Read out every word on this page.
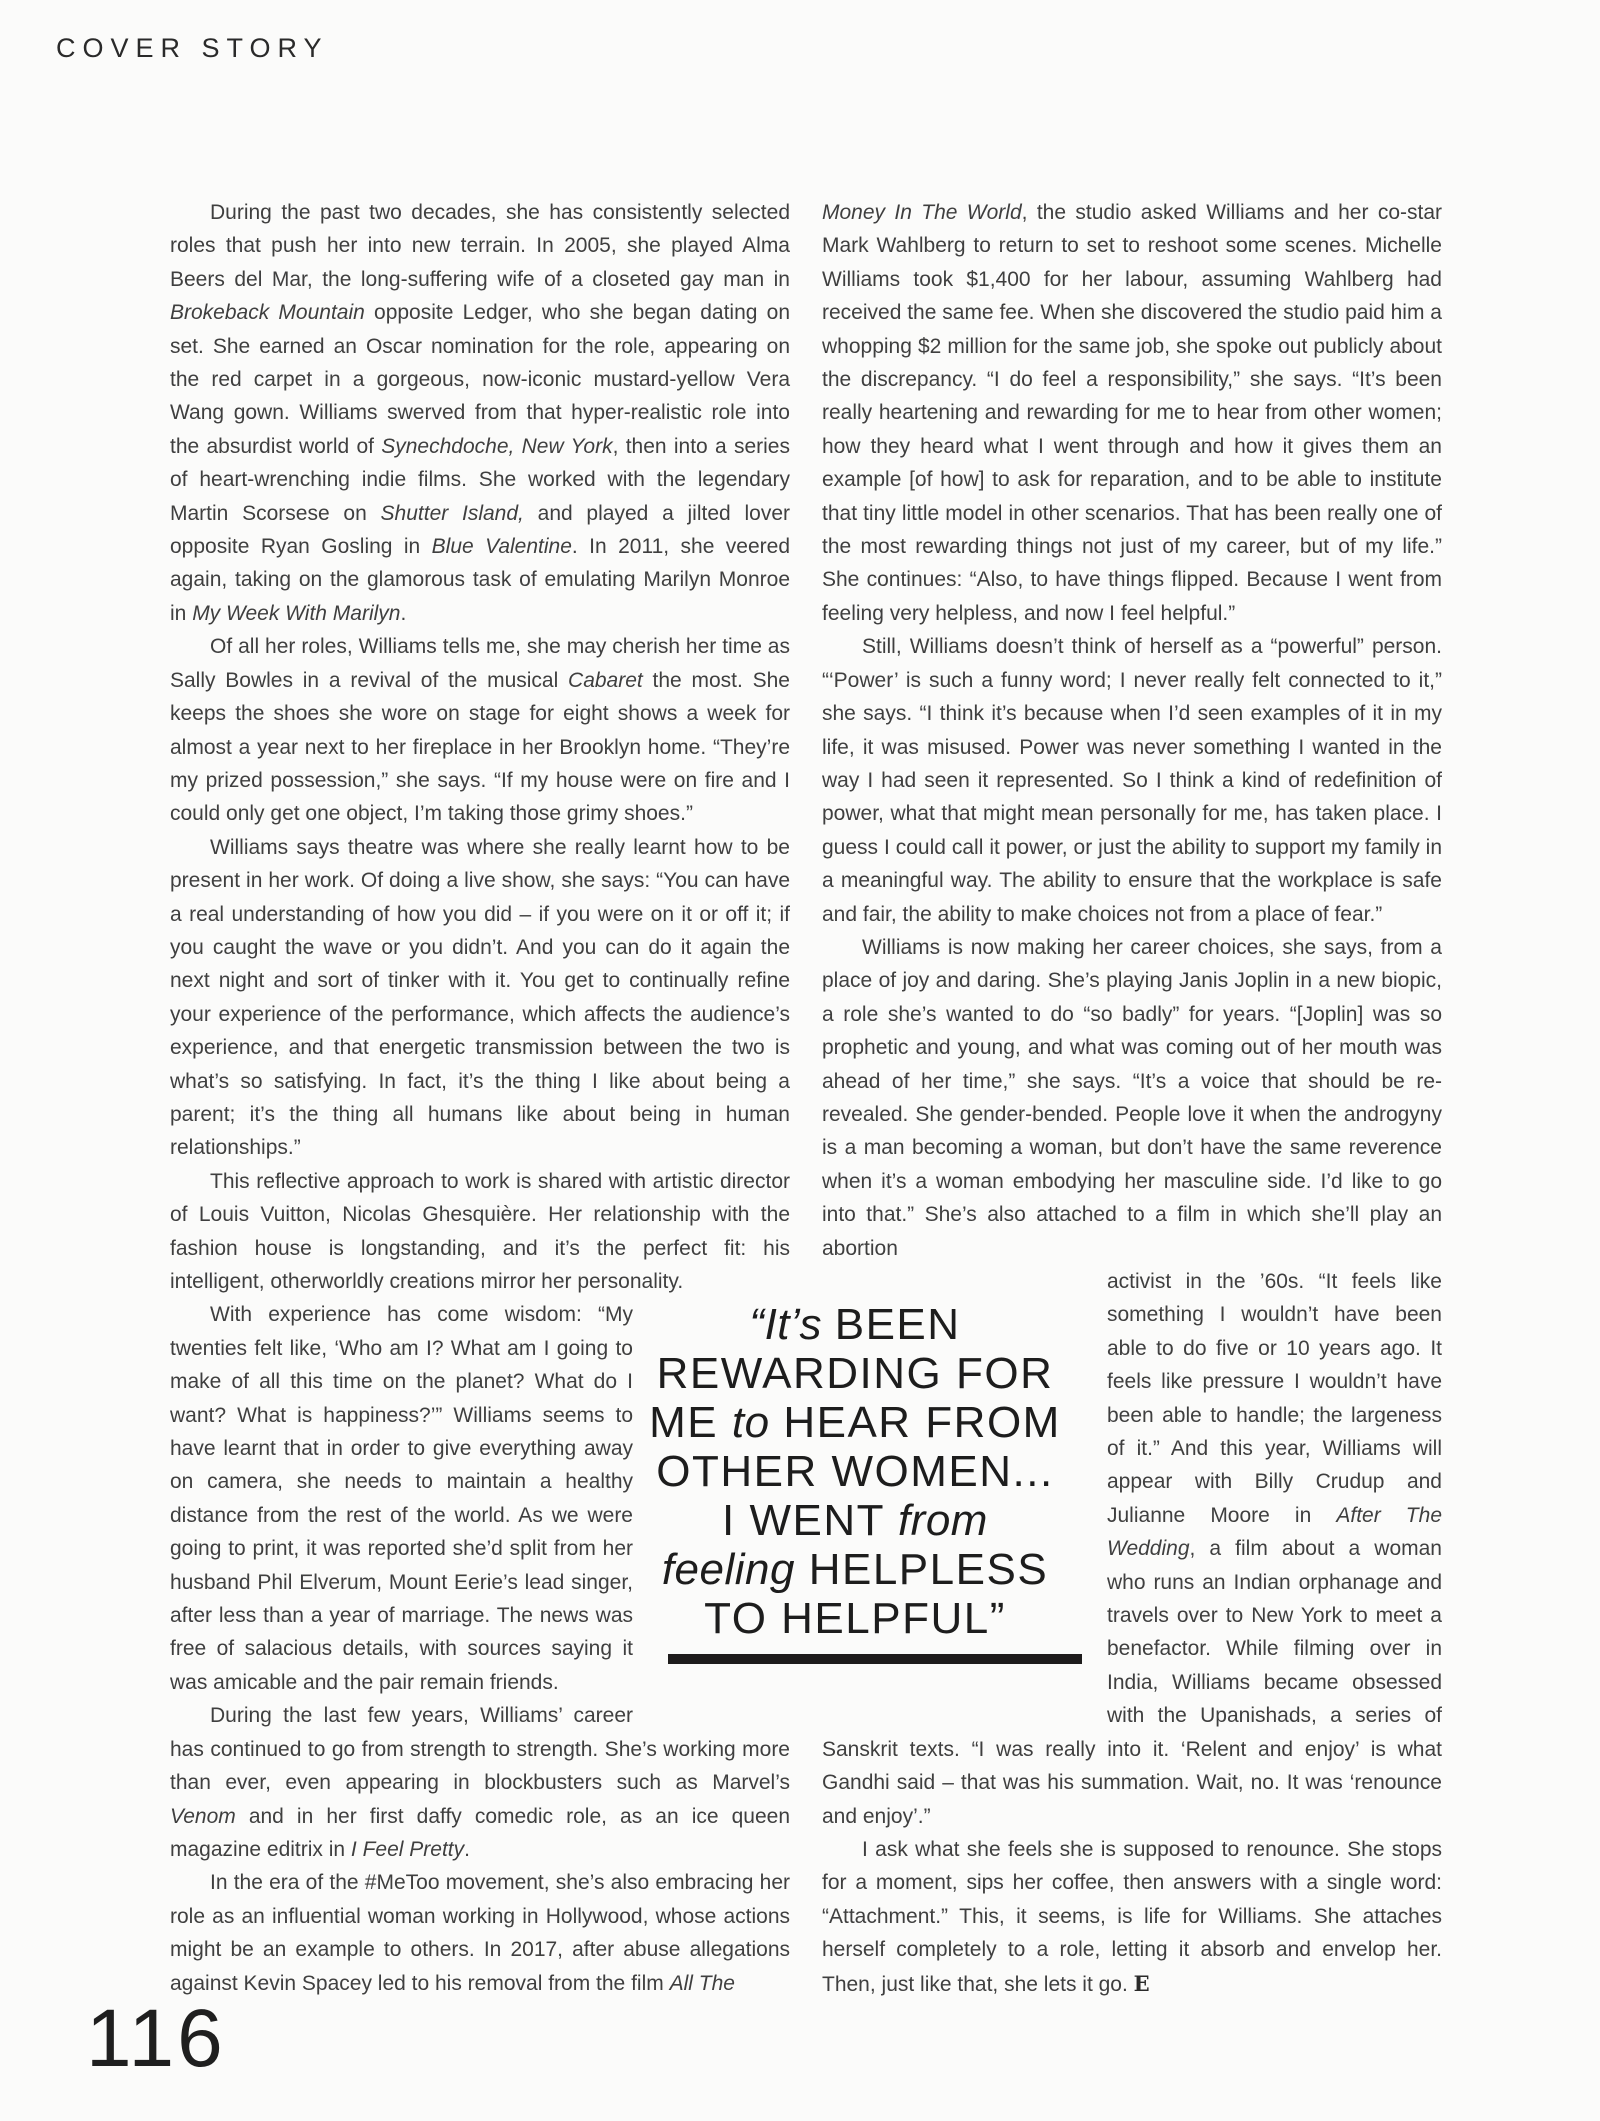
COVER STORY

During the past two decades, she has consistently selected roles that push her into new terrain. In 2005, she played Alma Beers del Mar, the long-suffering wife of a closeted gay man in Brokeback Mountain opposite Ledger, who she began dating on set. She earned an Oscar nomination for the role, appearing on the red carpet in a gorgeous, now-iconic mustard-yellow Vera Wang gown. Williams swerved from that hyper-realistic role into the absurdist world of Synechdoche, New York, then into a series of heart-wrenching indie films. She worked with the legendary Martin Scorsese on Shutter Island, and played a jilted lover opposite Ryan Gosling in Blue Valentine. In 2011, she veered again, taking on the glamorous task of emulating Marilyn Monroe in My Week With Marilyn.

Of all her roles, Williams tells me, she may cherish her time as Sally Bowles in a revival of the musical Cabaret the most. She keeps the shoes she wore on stage for eight shows a week for almost a year next to her fireplace in her Brooklyn home. “They’re my prized possession,” she says. “If my house were on fire and I could only get one object, I’m taking those grimy shoes.”

Williams says theatre was where she really learnt how to be present in her work. Of doing a live show, she says: “You can have a real understanding of how you did – if you were on it or off it; if you caught the wave or you didn’t. And you can do it again the next night and sort of tinker with it. You get to continually refine your experience of the performance, which affects the audience’s experience, and that energetic transmission between the two is what’s so satisfying. In fact, it’s the thing I like about being a parent; it’s the thing all humans like about being in human relationships.”

This reflective approach to work is shared with artistic director of Louis Vuitton, Nicolas Ghesquière. Her relationship with the fashion house is longstanding, and it’s the perfect fit: his intelligent, otherworldly creations mirror her personality.

With experience has come wisdom: “My twenties felt like, ‘Who am I? What am I going to make of all this time on the planet? What do I want? What is happiness?’” Williams seems to have learnt that in order to give everything away on camera, she needs to maintain a healthy distance from the rest of the world. As we were going to print, it was reported she’d split from her husband Phil Elverum, Mount Eerie’s lead singer, after less than a year of marriage. The news was free of salacious details, with sources saying it was amicable and the pair remain friends.

During the last few years, Williams’ career has continued to go from strength to strength. She’s working more than ever, even appearing in blockbusters such as Marvel’s Venom and in her first daffy comedic role, as an ice queen magazine editrix in I Feel Pretty.

In the era of the #MeToo movement, she’s also embracing her role as an influential woman working in Hollywood, whose actions might be an example to others. In 2017, after abuse allegations against Kevin Spacey led to his removal from the film All The

Money In The World, the studio asked Williams and her co-star Mark Wahlberg to return to set to reshoot some scenes. Michelle Williams took $1,400 for her labour, assuming Wahlberg had received the same fee. When she discovered the studio paid him a whopping $2 million for the same job, she spoke out publicly about the discrepancy. “I do feel a responsibility,” she says. “It’s been really heartening and rewarding for me to hear from other women; how they heard what I went through and how it gives them an example [of how] to ask for reparation, and to be able to institute that tiny little model in other scenarios. That has been really one of the most rewarding things not just of my career, but of my life.” She continues: “Also, to have things flipped. Because I went from feeling very helpless, and now I feel helpful.”

Still, Williams doesn’t think of herself as a “powerful” person. “‘Power’ is such a funny word; I never really felt connected to it,” she says. “I think it’s because when I’d seen examples of it in my life, it was misused. Power was never something I wanted in the way I had seen it represented. So I think a kind of redefinition of power, what that might mean personally for me, has taken place. I guess I could call it power, or just the ability to support my family in a meaningful way. The ability to ensure that the workplace is safe and fair, the ability to make choices not from a place of fear.”

Williams is now making her career choices, she says, from a place of joy and daring. She’s playing Janis Joplin in a new biopic, a role she’s wanted to do “so badly” for years. “[Joplin] was so prophetic and young, and what was coming out of her mouth was ahead of her time,” she says. “It’s a voice that should be re-revealed. She gender-bended. People love it when the androgyny is a man becoming a woman, but don’t have the same reverence when it’s a woman embodying her masculine side. I’d like to go into that.” She’s also attached to a film in which she’ll play an abortion

activist in the ’60s. “It feels like something I wouldn’t have been able to do five or 10 years ago. It feels like pressure I wouldn’t have been able to handle; the largeness of it.” And this year, Williams will appear with Billy Crudup and Julianne Moore in After The Wedding, a film about a woman who runs an Indian orphanage and travels over to New York to meet a benefactor. While filming over in India, Williams became obsessed with the Upanishads, a series of Sanskrit texts. “I was really into it. ‘Relent and enjoy’ is what Gandhi said – that was his summation. Wait, no. It was ‘renounce and enjoy’.”

I ask what she feels she is supposed to renounce. She stops for a moment, sips her coffee, then answers with a single word: “Attachment.” This, it seems, is life for Williams. She attaches herself completely to a role, letting it absorb and envelop her. Then, just like that, she lets it go. E

“It’s BEEN
REWARDING FOR
ME to HEAR FROM
OTHER WOMEN...
I WENT from
feeling HELPLESS
TO HELPFUL”
116
